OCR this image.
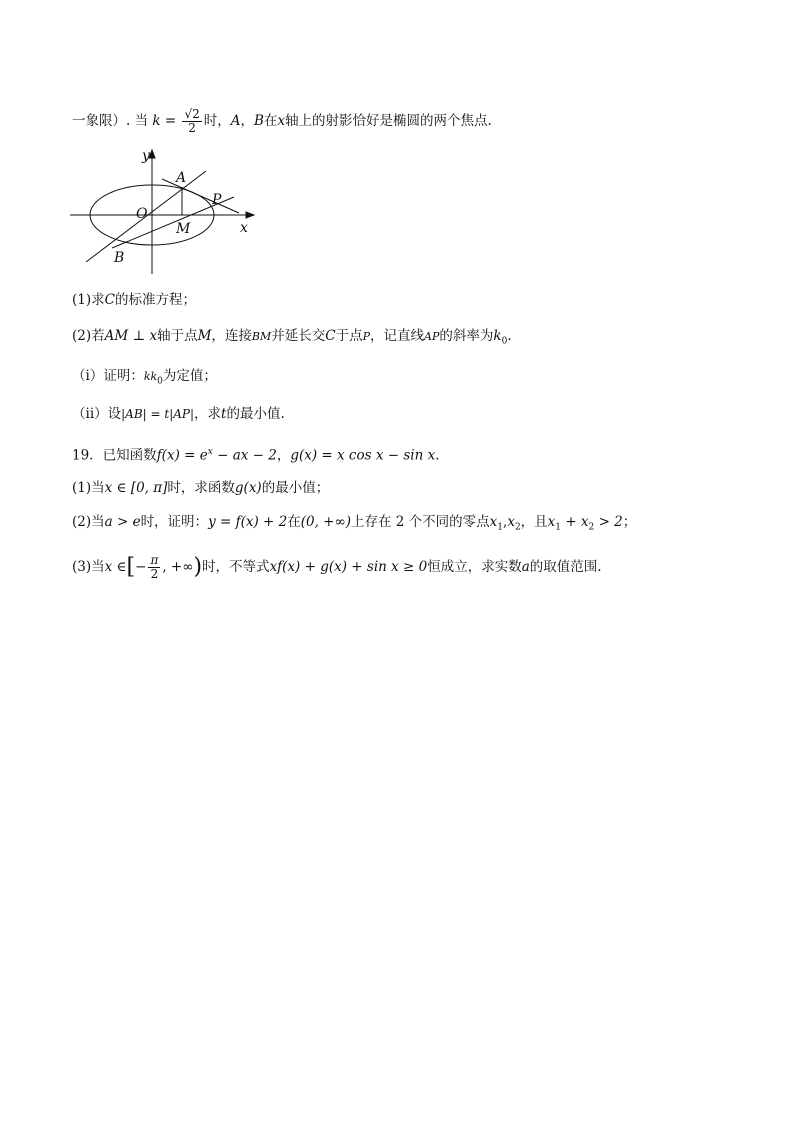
一象限）. 当 $k = \frac{√2}{2}$ 时，A，B在x轴上的射影恰好是椭圆的两个焦点.
y
x
O
A
P
M
B
(1)求C的标准方程；
(2)若AM ⊥ x轴于点M，连接BM并延长交C于点P，记直线AP的斜率为$k_0$.
（i）证明：$kk_0$为定值；
（ii）设|AB| = t|AP|，求t的最小值.
19．已知函数$f(x) = e^x$ − ax − 2，g(x) = x cos x − sin x.
(1)当x ∈ [0, π]时，求函数g(x)的最小值；
(2)当a > e时，证明：y = f(x) + 2在(0, +∞)上存在 2 个不同的零点$x_1,x_2$，且$x_1 + x_2 > 2$；
(3)当x ∈[− $\frac{\pi}{2}$ , +∞)时，不等式xf(x) + g(x) + sin x ≥ 0恒成立，求实数a的取值范围.
